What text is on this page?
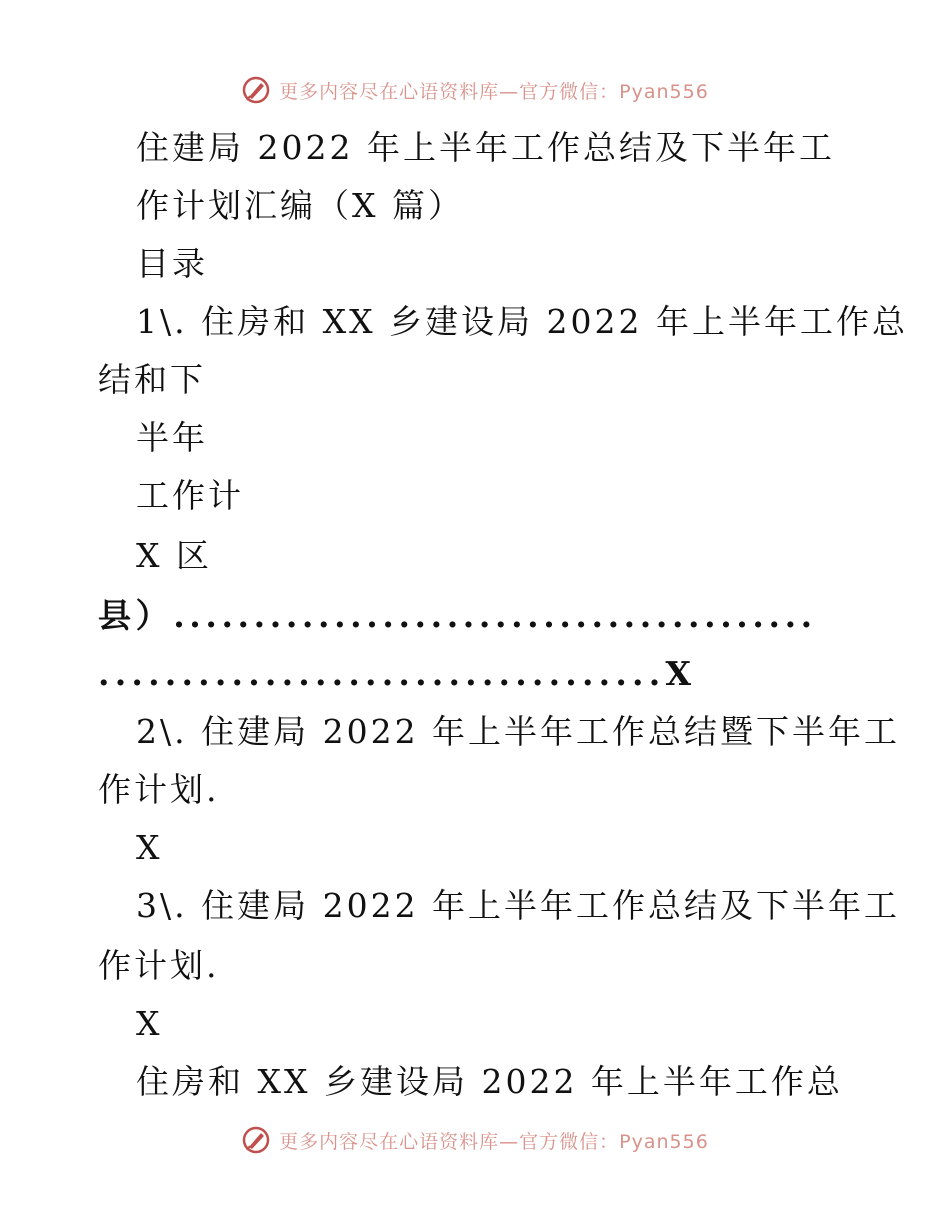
更多内容尽在心语资料库—官方微信：Pyan556
住建局 2022 年上半年工作总结及下半年工
作计划汇编（X 篇）
目录
1\. 住房和 XX 乡建设局 2022 年上半年工作总
结和下
半年
工作计
X 区
县）........................................
..................................X
2\. 住建局 2022 年上半年工作总结暨下半年工
作计划.
X
3\. 住建局 2022 年上半年工作总结及下半年工
作计划.
X
住房和 XX 乡建设局 2022 年上半年工作总
更多内容尽在心语资料库—官方微信：Pyan556
